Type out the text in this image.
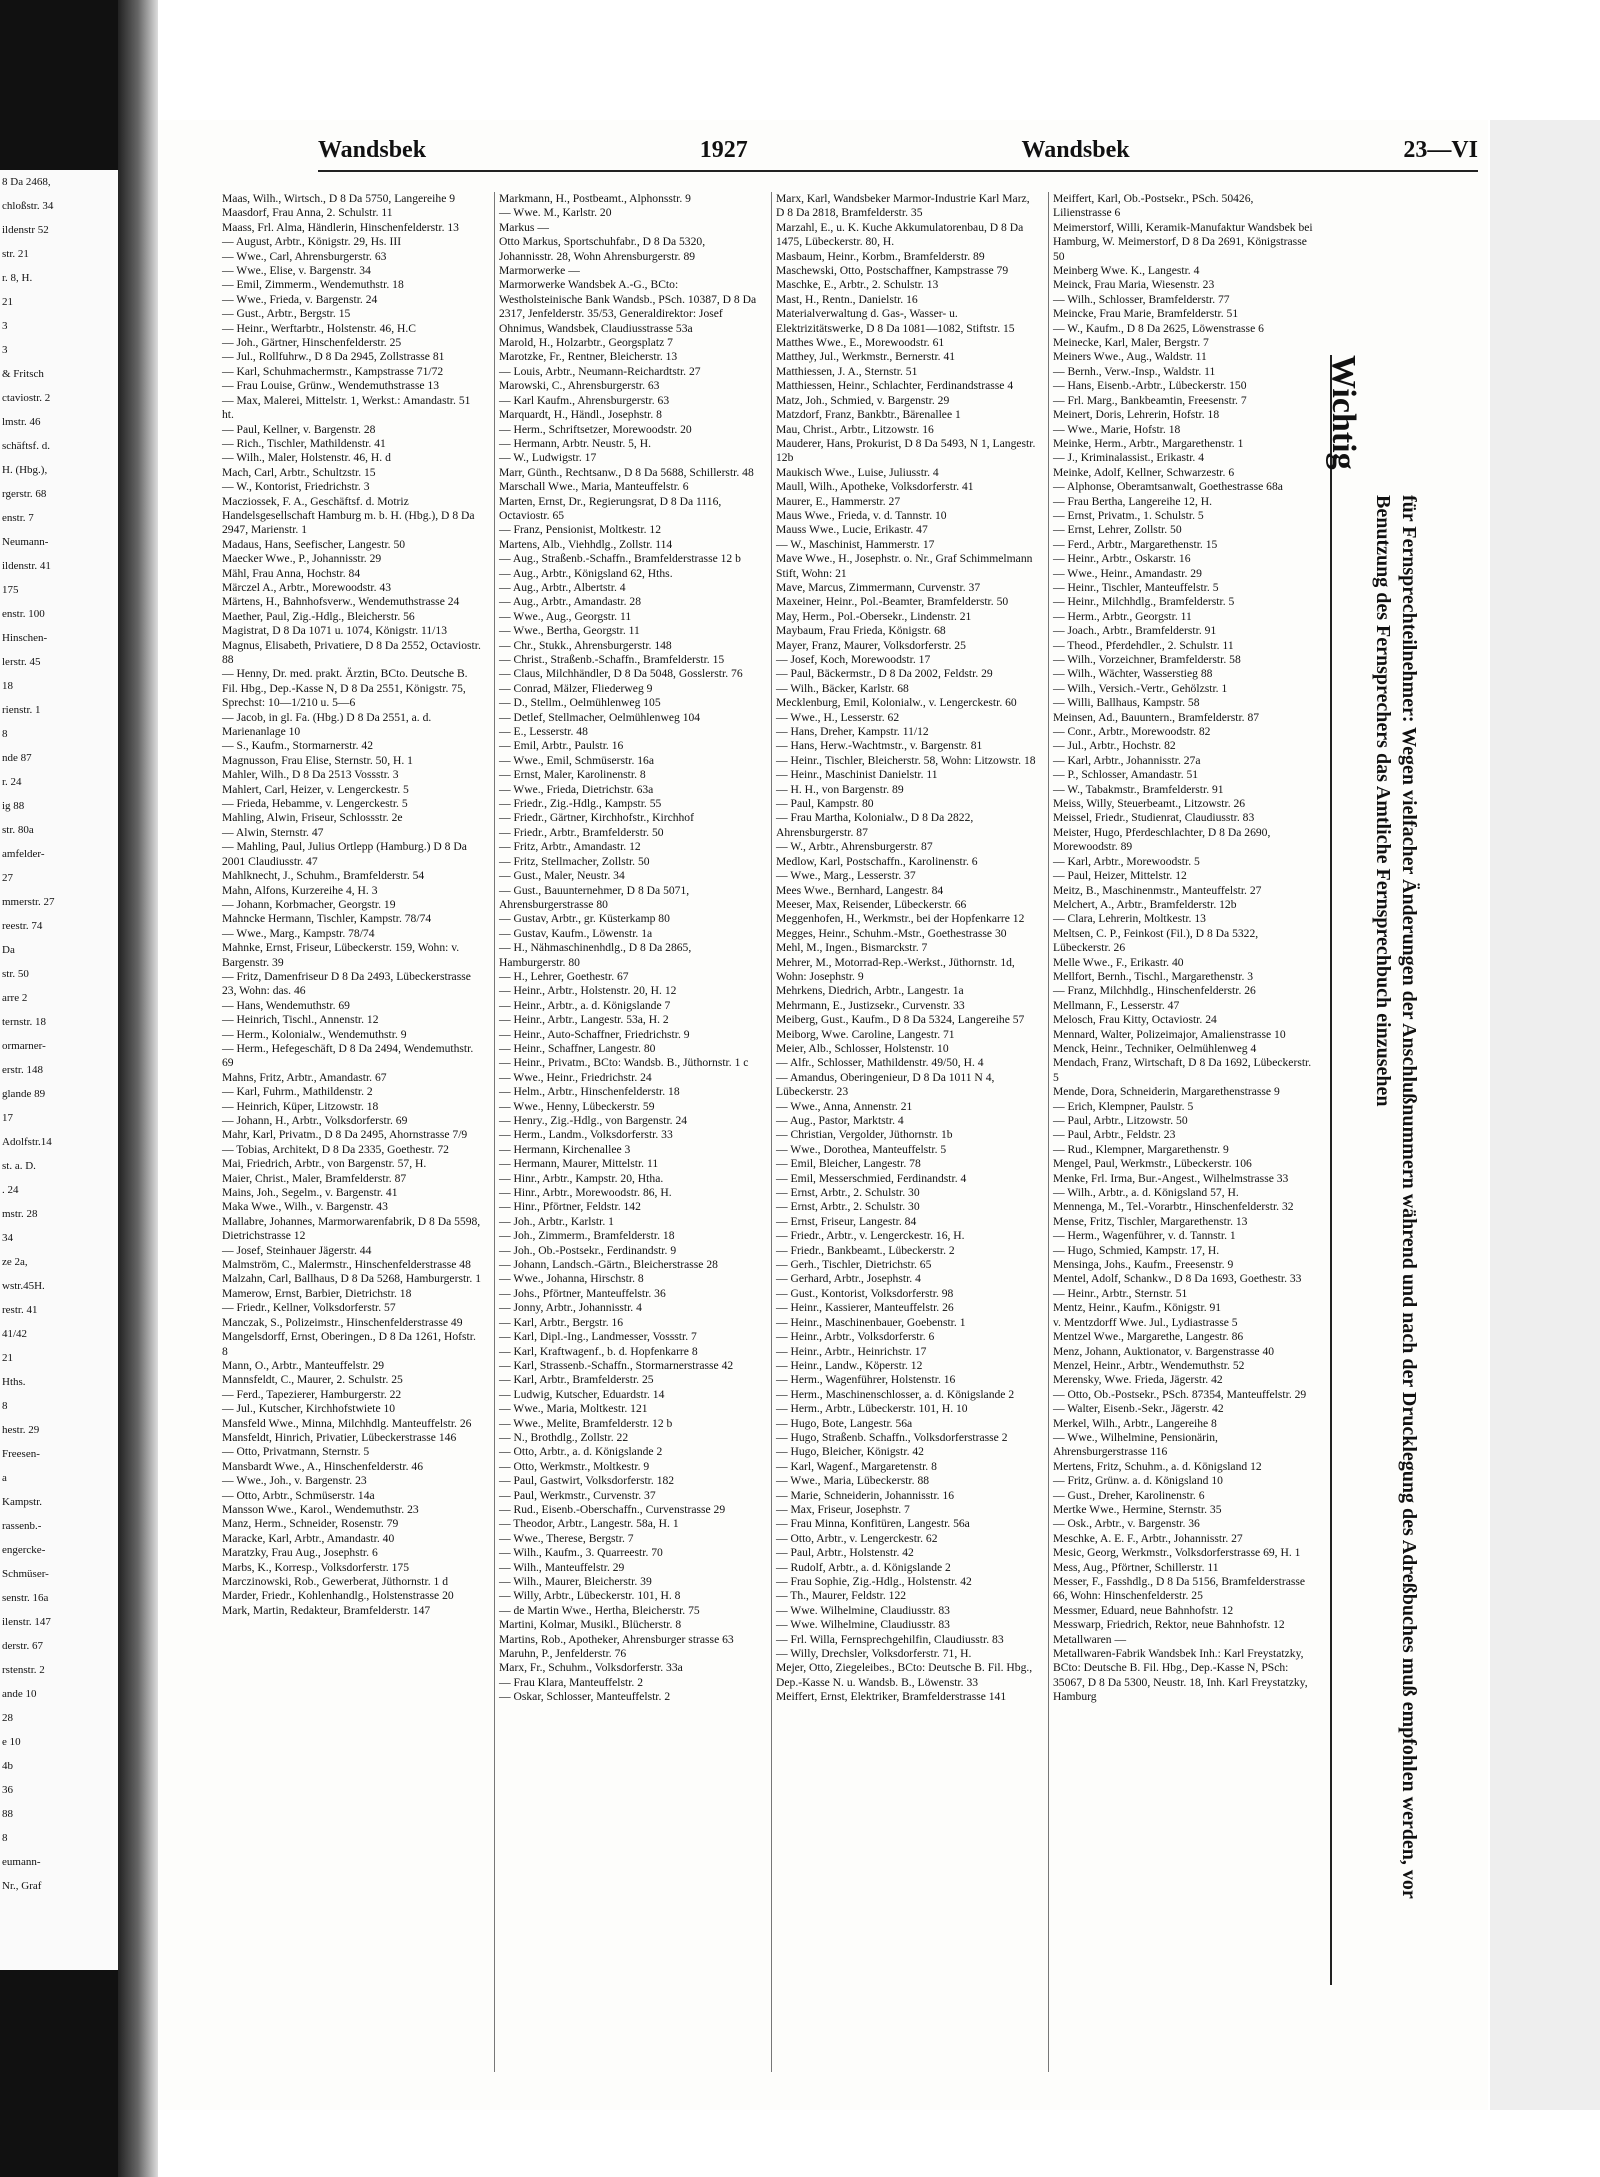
8 Da 2468,
chloßstr. 34
ildenstr 52
str. 21
r. 8, H.
21
3
3
& Fritsch
ctaviostr. 2
lmstr. 46
schäftsf. d.
H. (Hbg.),
rgerstr. 68
enstr. 7
Neumann-
ildenstr. 41
175
enstr. 100
Hinschen-
lerstr. 45
18
rienstr. 1
8
nde 87
r. 24
ig 88
str. 80a
amfelder-
27
mmerstr. 27
reestr. 74
Da
str. 50
arre 2
ternstr. 18
ormarner-
erstr. 148
glande 89
17
Adolfstr.14
st. a. D.
. 24
mstr. 28
34
ze 2a,
wstr.45H.
restr. 41
41/42
21
Hths.
8
hestr. 29
Freesen-
a
Kampstr.
rassenb.-
engercke-
Schmüser-
senstr. 16a
ilenstr. 147
derstr. 67
rstenstr. 2
ande 10
28
e 10
4b
36
88
8
eumann-
Nr., Graf
Wandsbek	1927	Wandsbek	23—VI
Maas, Wilh., Wirtsch., D 8 Da 5750, Langereihe 9
Maasdorf, Frau Anna, 2. Schulstr. 11
Maass, Frl. Alma, Händlerin, Hinschenfelderstr. 13
— August, Arbtr., Königstr. 29, Hs. III
— Wwe., Carl, Ahrensburgerstr. 63
— Wwe., Elise, v. Bargenstr. 34
— Emil, Zimmerm., Wendemuthstr. 18
— Wwe., Frieda, v. Bargenstr. 24
— Gust., Arbtr., Bergstr. 15
— Heinr., Werftarbtr., Holstenstr. 46, H.C
— Joh., Gärtner, Hinschenfelderstr. 25
— Jul., Rollfuhrw., D 8 Da 2945, Zollstrasse 81
— Karl, Schuhmachermstr., Kampstrasse 71/72
— Frau Louise, Grünw., Wendemuthstrasse 13
— Max, Malerei, Mittelstr. 1, Werkst.: Amandastr. 51 ht.
— Paul, Kellner, v. Bargenstr. 28
— Rich., Tischler, Mathildenstr. 41
— Wilh., Maler, Holstenstr. 46, H. d
Mach, Carl, Arbtr., Schultzstr. 15
— W., Kontorist, Friedrichstr. 3
Macziossek, F. A., Geschäftsf. d. Motriz Handelsgesellschaft Hamburg m. b. H. (Hbg.), D 8 Da 2947, Marienstr. 1
Madaus, Hans, Seefischer, Langestr. 50
Maecker Wwe., P., Johannisstr. 29
Mähl, Frau Anna, Hochstr. 84
Märczel A., Arbtr., Morewoodstr. 43
Märtens, H., Bahnhofsverw., Wendemuthstrasse 24
Maether, Paul, Zig.-Hdlg., Bleicherstr. 56
Magistrat, D 8 Da 1071 u. 1074, Königstr. 11/13
Magnus, Elisabeth, Privatiere, D 8 Da 2552, Octaviostr. 88
— Henny, Dr. med. prakt. Ärztin, BCto. Deutsche B. Fil. Hbg., Dep.-Kasse N, D 8 Da 2551, Königstr. 75, Sprechst: 10—1/210 u. 5—6
— Jacob, in gl. Fa. (Hbg.) D 8 Da 2551, a. d. Marienanlage 10
— S., Kaufm., Stormarnerstr. 42
Magnusson, Frau Elise, Sternstr. 50, H. 1
Mahler, Wilh., D 8 Da 2513 Vossstr. 3
Mahlert, Carl, Heizer, v. Lengerckestr. 5
— Frieda, Hebamme, v. Lengerckestr. 5
Mahling, Alwin, Friseur, Schlossstr. 2e
— Alwin, Sternstr. 47
— Mahling, Paul, Julius Ortlepp (Hamburg.) D 8 Da 2001 Claudiusstr. 47
Mahlknecht, J., Schuhm., Bramfelderstr. 54
Mahn, Alfons, Kurzereihe 4, H. 3
— Johann, Korbmacher, Georgstr. 19
Mahncke Hermann, Tischler, Kampstr. 78/74
— Wwe., Marg., Kampstr. 78/74
Mahnke, Ernst, Friseur, Lübeckerstr. 159, Wohn: v. Bargenstr. 39
— Fritz, Damenfriseur D 8 Da 2493, Lübeckerstrasse 23, Wohn: das. 46
— Hans, Wendemuthstr. 69
— Heinrich, Tischl., Annenstr. 12
— Herm., Kolonialw., Wendemuthstr. 9
— Herm., Hefegeschäft, D 8 Da 2494, Wendemuthstr. 69
Mahns, Fritz, Arbtr., Amandastr. 67
— Karl, Fuhrm., Mathildenstr. 2
— Heinrich, Küper, Litzowstr. 18
— Johann, H., Arbtr., Volksdorferstr. 69
Mahr, Karl, Privatm., D 8 Da 2495, Ahornstrasse 7/9
— Tobias, Architekt, D 8 Da 2335, Goethestr. 72
Mai, Friedrich, Arbtr., von Bargenstr. 57, H.
Maier, Christ., Maler, Bramfelderstr. 87
Mains, Joh., Segelm., v. Bargenstr. 41
Maka Wwe., Wilh., v. Bargenstr. 43
Mallabre, Johannes, Marmorwarenfabrik, D 8 Da 5598, Dietrichstrasse 12
— Josef, Steinhauer Jägerstr. 44
Malmström, C., Malermstr., Hinschenfelderstrasse 48
Malzahn, Carl, Ballhaus, D 8 Da 5268, Hamburgerstr. 1
Mamerow, Ernst, Barbier, Dietrichstr. 18
— Friedr., Kellner, Volksdorferstr. 57
Manczak, S., Polizeimstr., Hinschenfelderstrasse 49
Mangelsdorff, Ernst, Oberingen., D 8 Da 1261, Hofstr. 8
Mann, O., Arbtr., Manteuffelstr. 29
Mannsfeldt, C., Maurer, 2. Schulstr. 25
— Ferd., Tapezierer, Hamburgerstr. 22
— Jul., Kutscher, Kirchhofstwiete 10
Mansfeld Wwe., Minna, Milchhdlg. Manteuffelstr. 26
Mansfeldt, Hinrich, Privatier, Lübeckerstrasse 146
— Otto, Privatmann, Sternstr. 5
Mansbardt Wwe., A., Hinschenfelderstr. 46
— Wwe., Joh., v. Bargenstr. 23
— Otto, Arbtr., Schmüserstr. 14a
Mansson Wwe., Karol., Wendemuthstr. 23
Manz, Herm., Schneider, Rosenstr. 79
Maracke, Karl, Arbtr., Amandastr. 40
Maratzky, Frau Aug., Josephstr. 6
Marbs, K., Korresp., Volksdorferstr. 175
Marczinowski, Rob., Gewerberat, Jüthornstr. 1 d
Marder, Friedr., Kohlenhandlg., Holstenstrasse 20
Mark, Martin, Redakteur, Bramfelderstr. 147
Markmann, H., Postbeamt., Alphonsstr. 9
— Wwe. M., Karlstr. 20
Markus —
Otto Markus, Sportschuhfabr., D 8 Da 5320, Johannisstr. 28, Wohn Ahrensburgerstr. 89
Marmorwerke —
Marmorwerke Wandsbek A.-G., BCto: Westholsteinische Bank Wandsb., PSch. 10387, D 8 Da 2317, Jenfelderstr. 35/53, Generaldirektor: Josef Ohnimus, Wandsbek, Claudiusstrasse 53a
Marold, H., Holzarbtr., Georgsplatz 7
Marotzke, Fr., Rentner, Bleicherstr. 13
— Louis, Arbtr., Neumann-Reichardtstr. 27
Marowski, C., Ahrensburgerstr. 63
— Karl Kaufm., Ahrensburgerstr. 63
Marquardt, H., Händl., Josephstr. 8
— Herm., Schriftsetzer, Morewoodstr. 20
— Hermann, Arbtr. Neustr. 5, H.
— W., Ludwigstr. 17
Marr, Günth., Rechtsanw., D 8 Da 5688, Schillerstr. 48
Marschall Wwe., Maria, Manteuffelstr. 6
Marten, Ernst, Dr., Regierungsrat, D 8 Da 1116, Octaviostr. 65
— Franz, Pensionist, Moltkestr. 12
Martens, Alb., Viehhdlg., Zollstr. 114
— Aug., Straßenb.-Schaffn., Bramfelderstrasse 12 b
— Aug., Arbtr., Königsland 62, Hths.
— Aug., Arbtr., Albertstr. 4
— Aug., Arbtr., Amandastr. 28
— Wwe., Aug., Georgstr. 11
— Wwe., Bertha, Georgstr. 11
— Chr., Stukk., Ahrensburgerstr. 148
— Christ., Straßenb.-Schaffn., Bramfelderstr. 15
— Claus, Milchhändler, D 8 Da 5048, Gosslerstr. 76
— Conrad, Mälzer, Fliederweg 9
— D., Stellm., Oelmühlenweg 105
— Detlef, Stellmacher, Oelmühlenweg 104
— E., Lesserstr. 48
— Emil, Arbtr., Paulstr. 16
— Wwe., Emil, Schmüserstr. 16a
— Ernst, Maler, Karolinenstr. 8
— Wwe., Frieda, Dietrichstr. 63a
— Friedr., Zig.-Hdlg., Kampstr. 55
— Friedr., Gärtner, Kirchhofstr., Kirchhof
— Friedr., Arbtr., Bramfelderstr. 50
— Fritz, Arbtr., Amandastr. 12
— Fritz, Stellmacher, Zollstr. 50
— Gust., Maler, Neustr. 34
— Gust., Bauunternehmer, D 8 Da 5071, Ahrensburgerstrasse 80
— Gustav, Arbtr., gr. Küsterkamp 80
— Gustav, Kaufm., Löwenstr. 1a
— H., Nähmaschinenhdlg., D 8 Da 2865, Hamburgerstr. 80
— H., Lehrer, Goethestr. 67
— Heinr., Arbtr., Holstenstr. 20, H. 12
— Heinr., Arbtr., a. d. Königslande 7
— Heinr., Arbtr., Langestr. 53a, H. 2
— Heinr., Auto-Schaffner, Friedrichstr. 9
— Heinr., Schaffner, Langestr. 80
— Heinr., Privatm., BCto: Wandsb. B., Jüthornstr. 1 c
— Wwe., Heinr., Friedrichstr. 24
— Helm., Arbtr., Hinschenfelderstr. 18
— Wwe., Henny, Lübeckerstr. 59
— Henry., Zig.-Hdlg., von Bargenstr. 24
— Herm., Landm., Volksdorferstr. 33
— Hermann, Kirchenallee 3
— Hermann, Maurer, Mittelstr. 11
— Hinr., Arbtr., Kampstr. 20, Htha.
— Hinr., Arbtr., Morewoodstr. 86, H.
— Hinr., Pförtner, Feldstr. 142
— Joh., Arbtr., Karlstr. 1
— Joh., Zimmerm., Bramfelderstr. 18
— Joh., Ob.-Postsekr., Ferdinandstr. 9
— Johann, Landsch.-Gärtn., Bleicherstrasse 28
— Wwe., Johanna, Hirschstr. 8
— Johs., Pförtner, Manteuffelstr. 36
— Jonny, Arbtr., Johannisstr. 4
— Karl, Arbtr., Bergstr. 16
— Karl, Dipl.-Ing., Landmesser, Vossstr. 7
— Karl, Kraftwagenf., b. d. Hopfenkarre 8
— Karl, Strassenb.-Schaffn., Stormarnerstrasse 42
— Karl, Arbtr., Bramfelderstr. 25
— Ludwig, Kutscher, Eduardstr. 14
— Wwe., Maria, Moltkestr. 121
— Wwe., Melite, Bramfelderstr. 12 b
— N., Brothdlg., Zollstr. 22
— Otto, Arbtr., a. d. Königslande 2
— Otto, Werkmstr., Moltkestr. 9
— Paul, Gastwirt, Volksdorferstr. 182
— Paul, Werkmstr., Curvenstr. 37
— Rud., Eisenb.-Oberschaffn., Curvenstrasse 29
— Theodor, Arbtr., Langestr. 58a, H. 1
— Wwe., Therese, Bergstr. 7
— Wilh., Kaufm., 3. Quarreestr. 70
— Wilh., Manteuffelstr. 29
— Wilh., Maurer, Bleicherstr. 39
— Willy, Arbtr., Lübeckerstr. 101, H. 8
— de Martin Wwe., Hertha, Bleicherstr. 75
Martini, Kolmar, Musikl., Blücherstr. 8
Martins, Rob., Apotheker, Ahrensburger strasse 63
Maruhn, P., Jenfelderstr. 76
Marx, Fr., Schuhm., Volksdorferstr. 33a
— Frau Klara, Manteuffelstr. 2
— Oskar, Schlosser, Manteuffelstr. 2
Marx, Karl, Wandsbeker Marmor-Industrie Karl Marz, D 8 Da 2818, Bramfelderstr. 35
Marzahl, E., u. K. Kuche Akkumulatorenbau, D 8 Da 1475, Lübeckerstr. 80, H.
Masbaum, Heinr., Korbm., Bramfelderstr. 89
Maschewski, Otto, Postschaffner, Kampstrasse 79
Maschke, E., Arbtr., 2. Schulstr. 13
Mast, H., Rentn., Danielstr. 16
Materialverwaltung d. Gas-, Wasser- u. Elektrizitätswerke, D 8 Da 1081—1082, Stiftstr. 15
Matthes Wwe., E., Morewoodstr. 61
Matthey, Jul., Werkmstr., Bernerstr. 41
Matthiessen, J. A., Sternstr. 51
Matthiessen, Heinr., Schlachter, Ferdinandstrasse 4
Matz, Joh., Schmied, v. Bargenstr. 29
Matzdorf, Franz, Bankbtr., Bärenallee 1
Mau, Christ., Arbtr., Litzowstr. 16
Mauderer, Hans, Prokurist, D 8 Da 5493, N 1, Langestr. 12b
Maukisch Wwe., Luise, Juliusstr. 4
Maull, Wilh., Apotheke, Volksdorferstr. 41
Maurer, E., Hammerstr. 27
Maus Wwe., Frieda, v. d. Tannstr. 10
Mauss Wwe., Lucie, Erikastr. 47
— W., Maschinist, Hammerstr. 17
Mave Wwe., H., Josephstr. o. Nr., Graf Schimmelmann Stift, Wohn: 21
Mave, Marcus, Zimmermann, Curvenstr. 37
Maxeiner, Heinr., Pol.-Beamter, Bramfelderstr. 50
May, Herm., Pol.-Obersekr., Lindenstr. 21
Maybaum, Frau Frieda, Königstr. 68
Mayer, Franz, Maurer, Volksdorferstr. 25
— Josef, Koch, Morewoodstr. 17
— Paul, Bäckermstr., D 8 Da 2002, Feldstr. 29
— Wilh., Bäcker, Karlstr. 68
Mecklenburg, Emil, Kolonialw., v. Lengerckestr. 60
— Wwe., H., Lesserstr. 62
— Hans, Dreher, Kampstr. 11/12
— Hans, Herw.-Wachtmstr., v. Bargenstr. 81
— Heinr., Tischler, Bleicherstr. 58, Wohn: Litzowstr. 18
— Heinr., Maschinist Danielstr. 11
— H. H., von Bargenstr. 89
— Paul, Kampstr. 80
— Frau Martha, Kolonialw., D 8 Da 2822, Ahrensburgerstr. 87
— W., Arbtr., Ahrensburgerstr. 87
Medlow, Karl, Postschaffn., Karolinenstr. 6
— Wwe., Marg., Lesserstr. 37
Mees Wwe., Bernhard, Langestr. 84
Meeser, Max, Reisender, Lübeckerstr. 66
Meggenhofen, H., Werkmstr., bei der Hopfenkarre 12
Megges, Heinr., Schuhm.-Mstr., Goethestrasse 30
Mehl, M., Ingen., Bismarckstr. 7
Mehrer, M., Motorrad-Rep.-Werkst., Jüthornstr. 1d, Wohn: Josephstr. 9
Mehrkens, Diedrich, Arbtr., Langestr. 1a
Mehrmann, E., Justizsekr., Curvenstr. 33
Meiberg, Gust., Kaufm., D 8 Da 5324, Langereihe 57
Meiborg, Wwe. Caroline, Langestr. 71
Meier, Alb., Schlosser, Holstenstr. 10
— Alfr., Schlosser, Mathildenstr. 49/50, H. 4
— Amandus, Oberingenieur, D 8 Da 1011 N 4, Lübeckerstr. 23
— Wwe., Anna, Annenstr. 21
— Aug., Pastor, Marktstr. 4
— Christian, Vergolder, Jüthornstr. 1b
— Wwe., Dorothea, Manteuffelstr. 5
— Emil, Bleicher, Langestr. 78
— Emil, Messerschmied, Ferdinandstr. 4
— Ernst, Arbtr., 2. Schulstr. 30
— Ernst, Arbtr., 2. Schulstr. 30
— Ernst, Friseur, Langestr. 84
— Friedr., Arbtr., v. Lengerckestr. 16, H.
— Friedr., Bankbeamt., Lübeckerstr. 2
— Gerh., Tischler, Dietrichstr. 65
— Gerhard, Arbtr., Josephstr. 4
— Gust., Kontorist, Volksdorferstr. 98
— Heinr., Kassierer, Manteuffelstr. 26
— Heinr., Maschinenbauer, Goebenstr. 1
— Heinr., Arbtr., Volksdorferstr. 6
— Heinr., Arbtr., Heinrichstr. 17
— Heinr., Landw., Köperstr. 12
— Herm., Wagenführer, Holstenstr. 16
— Herm., Maschinenschlosser, a. d. Königslande 2
— Herm., Arbtr., Lübeckerstr. 101, H. 10
— Hugo, Bote, Langestr. 56a
— Hugo, Straßenb. Schaffn., Volksdorferstrasse 2
— Hugo, Bleicher, Königstr. 42
— Karl, Wagenf., Margaretenstr. 8
— Wwe., Maria, Lübeckerstr. 88
— Marie, Schneiderin, Johannisstr. 16
— Max, Friseur, Josephstr. 7
— Frau Minna, Konfitüren, Langestr. 56a
— Otto, Arbtr., v. Lengerckestr. 62
— Paul, Arbtr., Holstenstr. 42
— Rudolf, Arbtr., a. d. Königslande 2
— Frau Sophie, Zig.-Hdlg., Holstenstr. 42
— Th., Maurer, Feldstr. 122
— Wwe. Wilhelmine, Claudiusstr. 83
— Wwe. Wilhelmine, Claudiusstr. 83
— Frl. Willa, Fernsprechgehilfin, Claudiusstr. 83
— Willy, Drechsler, Volksdorferstr. 71, H.
Mejer, Otto, Ziegeleibes., BCto: Deutsche B. Fil. Hbg., Dep.-Kasse N. u. Wandsb. B., Löwenstr. 33
Meiffert, Ernst, Elektriker, Bramfelderstrasse 141
Meiffert, Karl, Ob.-Postsekr., PSch. 50426, Lilienstrasse 6
Meimerstorf, Willi, Keramik-Manufaktur Wandsbek bei Hamburg, W. Meimerstorf, D 8 Da 2691, Königstrasse 50
Meinberg Wwe. K., Langestr. 4
Meinck, Frau Maria, Wiesenstr. 23
— Wilh., Schlosser, Bramfelderstr. 77
Meincke, Frau Marie, Bramfelderstr. 51
— W., Kaufm., D 8 Da 2625, Löwenstrasse 6
Meinecke, Karl, Maler, Bergstr. 7
Meiners Wwe., Aug., Waldstr. 11
— Bernh., Verw.-Insp., Waldstr. 11
— Hans, Eisenb.-Arbtr., Lübeckerstr. 150
— Frl. Marg., Bankbeamtin, Freesenstr. 7
Meinert, Doris, Lehrerin, Hofstr. 18
— Wwe., Marie, Hofstr. 18
Meinke, Herm., Arbtr., Margarethenstr. 1
— J., Kriminalassist., Erikastr. 4
Meinke, Adolf, Kellner, Schwarzestr. 6
— Alphonse, Oberamtsanwalt, Goethestrasse 68a
— Frau Bertha, Langereihe 12, H.
— Ernst, Privatm., 1. Schulstr. 5
— Ernst, Lehrer, Zollstr. 50
— Ferd., Arbtr., Margarethenstr. 15
— Heinr., Arbtr., Oskarstr. 16
— Wwe., Heinr., Amandastr. 29
— Heinr., Tischler, Manteuffelstr. 5
— Heinr., Milchhdlg., Bramfelderstr. 5
— Herm., Arbtr., Georgstr. 11
— Joach., Arbtr., Bramfelderstr. 91
— Theod., Pferdehdler., 2. Schulstr. 11
— Wilh., Vorzeichner, Bramfelderstr. 58
— Wilh., Wächter, Wasserstieg 88
— Wilh., Versich.-Vertr., Gehölzstr. 1
— Willi, Ballhaus, Kampstr. 58
Meinsen, Ad., Bauuntern., Bramfelderstr. 87
— Conr., Arbtr., Morewoodstr. 82
— Jul., Arbtr., Hochstr. 82
— Karl, Arbtr., Johannisstr. 27a
— P., Schlosser, Amandastr. 51
— W., Tabakmstr., Bramfelderstr. 91
Meiss, Willy, Steuerbeamt., Litzowstr. 26
Meissel, Friedr., Studienrat, Claudiusstr. 83
Meister, Hugo, Pferdeschlachter, D 8 Da 2690, Morewoodstr. 89
— Karl, Arbtr., Morewoodstr. 5
— Paul, Heizer, Mittelstr. 12
Meitz, B., Maschinenmstr., Manteuffelstr. 27
Melchert, A., Arbtr., Bramfelderstr. 12b
— Clara, Lehrerin, Moltkestr. 13
Meltsen, C. P., Feinkost (Fil.), D 8 Da 5322, Lübeckerstr. 26
Melle Wwe., F., Erikastr. 40
Mellfort, Bernh., Tischl., Margarethenstr. 3
— Franz, Milchhdlg., Hinschenfelderstr. 26
Mellmann, F., Lesserstr. 47
Melosch, Frau Kitty, Octaviostr. 24
Mennard, Walter, Polizeimajor, Amalienstrasse 10
Menck, Heinr., Techniker, Oelmühlenweg 4
Mendach, Franz, Wirtschaft, D 8 Da 1692, Lübeckerstr. 5
Mende, Dora, Schneiderin, Margarethenstrasse 9
— Erich, Klempner, Paulstr. 5
— Paul, Arbtr., Litzowstr. 50
— Paul, Arbtr., Feldstr. 23
— Rud., Klempner, Margarethenstr. 9
Mengel, Paul, Werkmstr., Lübeckerstr. 106
Menke, Frl. Irma, Bur.-Angest., Wilhelmstrasse 33
— Wilh., Arbtr., a. d. Königsland 57, H.
Mennenga, M., Tel.-Vorarbtr., Hinschenfelderstr. 32
Mense, Fritz, Tischler, Margarethenstr. 13
— Herm., Wagenführer, v. d. Tannstr. 1
— Hugo, Schmied, Kampstr. 17, H.
Mensinga, Johs., Kaufm., Freesenstr. 9
Mentel, Adolf, Schankw., D 8 Da 1693, Goethestr. 33
— Heinr., Arbtr., Sternstr. 51
Mentz, Heinr., Kaufm., Königstr. 91
v. Mentzdorff Wwe. Jul., Lydiastrasse 5
Mentzel Wwe., Margarethe, Langestr. 86
Menz, Johann, Auktionator, v. Bargenstrasse 40
Menzel, Heinr., Arbtr., Wendemuthstr. 52
Merensky, Wwe. Frieda, Jägerstr. 42
— Otto, Ob.-Postsekr., PSch. 87354, Manteuffelstr. 29
— Walter, Eisenb.-Sekr., Jägerstr. 42
Merkel, Wilh., Arbtr., Langereihe 8
— Wwe., Wilhelmine, Pensionärin, Ahrensburgerstrasse 116
Mertens, Fritz, Schuhm., a. d. Königsland 12
— Fritz, Grünw. a. d. Königsland 10
— Gust., Dreher, Karolinenstr. 6
Mertke Wwe., Hermine, Sternstr. 35
— Osk., Arbtr., v. Bargenstr. 36
Meschke, A. E. F., Arbtr., Johannisstr. 27
Mesic, Georg, Werkmstr., Volksdorferstrasse 69, H. 1
Mess, Aug., Pförtner, Schillerstr. 11
Messer, F., Fasshdlg., D 8 Da 5156, Bramfelderstrasse 66, Wohn: Hinschenfelderstr. 25
Messmer, Eduard, neue Bahnhofstr. 12
Messwarp, Friedrich, Rektor, neue Bahnhofstr. 12
Metallwaren —
Metallwaren-Fabrik Wandsbek Inh.: Karl Freystatzky, BCto: Deutsche B. Fil. Hbg., Dep.-Kasse N, PSch: 35067, D 8 Da 5300, Neustr. 18, Inh. Karl Freystatzky, Hamburg
Wichtig
für Fernsprechteilnehmer: Wegen vielfacher Änderungen der Anschlußnummern während und nach der Drucklegung des Adreßbuches muß empfohlen werden, vor Benutzung des Fernsprechers das Amtliche Fernsprechbuch einzusehen
